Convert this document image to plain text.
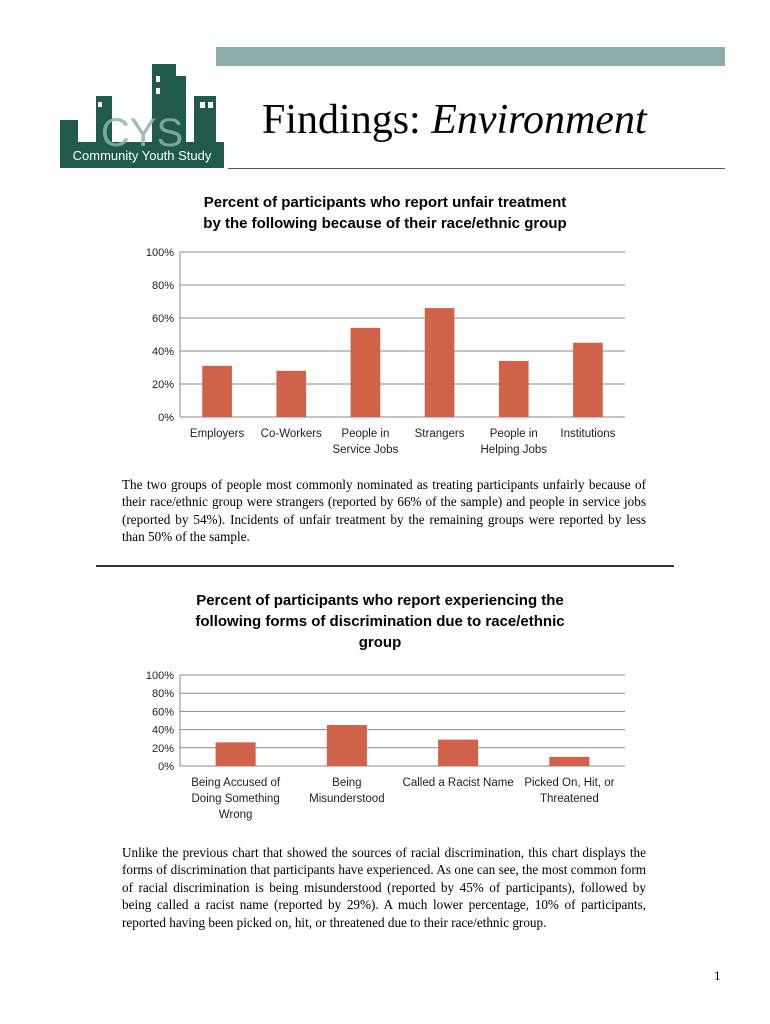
CYS
Community Youth Study
Findings: Environment
Percent of participants who report unfair treatment
by the following because of their race/ethnic group
0%
20%
40%
60%
80%
100%
Employers Co-Workers People in
Service Jobs
Strangers People in
Helping Jobs
Institutions

The two groups of people most commonly nominated as treating participants unfairly because of their race/ethnic group were strangers (reported by 66% of the sample) and people in service jobs (reported by 54%). Incidents of unfair treatment by the remaining groups were reported by less than 50% of the sample.

Percent of participants who report experiencing the
following forms of discrimination due to race/ethnic
group
0%
20%
40%
60%
80%
100%
Being Accused of
Doing Something
Wrong
Being
Misunderstood
Called a Racist Name Picked On, Hit, or
Threatened

Unlike the previous chart that showed the sources of racial discrimination, this chart displays the forms of discrimination that participants have experienced. As one can see, the most common form of racial discrimination is being misunderstood (reported by 45% of participants), followed by being called a racist name (reported by 29%). A much lower percentage, 10% of participants, reported having been picked on, hit, or threatened due to their race/ethnic group.

1
